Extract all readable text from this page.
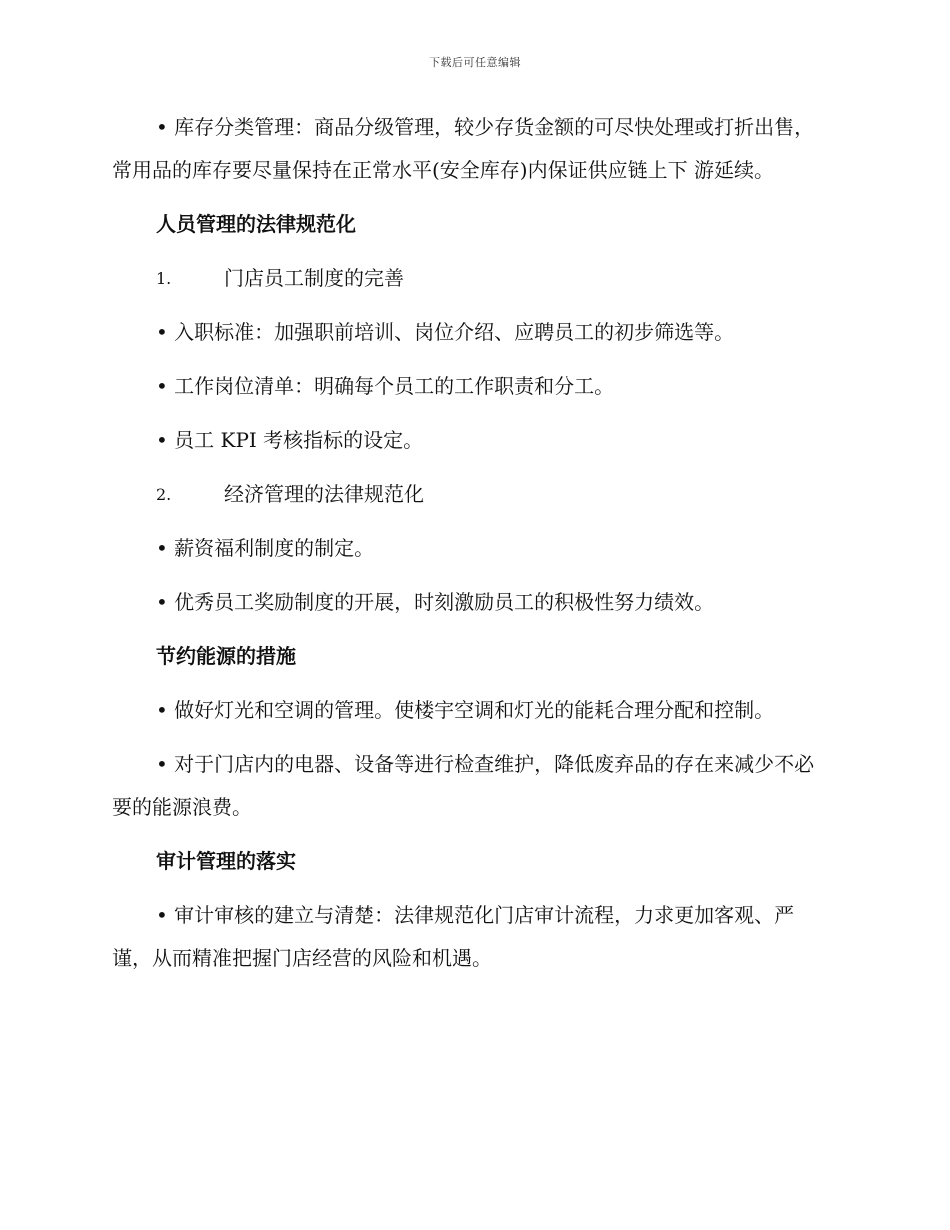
下载后可任意编辑

• 库存分类管理：商品分级管理，较少存货金额的可尽快处理或打折出售，常用品的库存要尽量保持在正常水平(安全库存)内保证供应链上下 游延续。

人员管理的法律规范化
1.	门店员工制度的完善

• 入职标准：加强职前培训、岗位介绍、应聘员工的初步筛选等。

• 工作岗位清单：明确每个员工的工作职责和分工。

• 员工 KPI 考核指标的设定。

2.	经济管理的法律规范化

• 薪资福利制度的制定。

• 优秀员工奖励制度的开展，时刻激励员工的积极性努力绩效。

节约能源的措施

• 做好灯光和空调的管理。使楼宇空调和灯光的能耗合理分配和控制。

• 对于门店内的电器、设备等进行检查维护，降低废弃品的存在来减少不必要的能源浪费。

审计管理的落实

• 审计审核的建立与清楚：法律规范化门店审计流程，力求更加客观、严谨，从而精准把握门店经营的风险和机遇。
